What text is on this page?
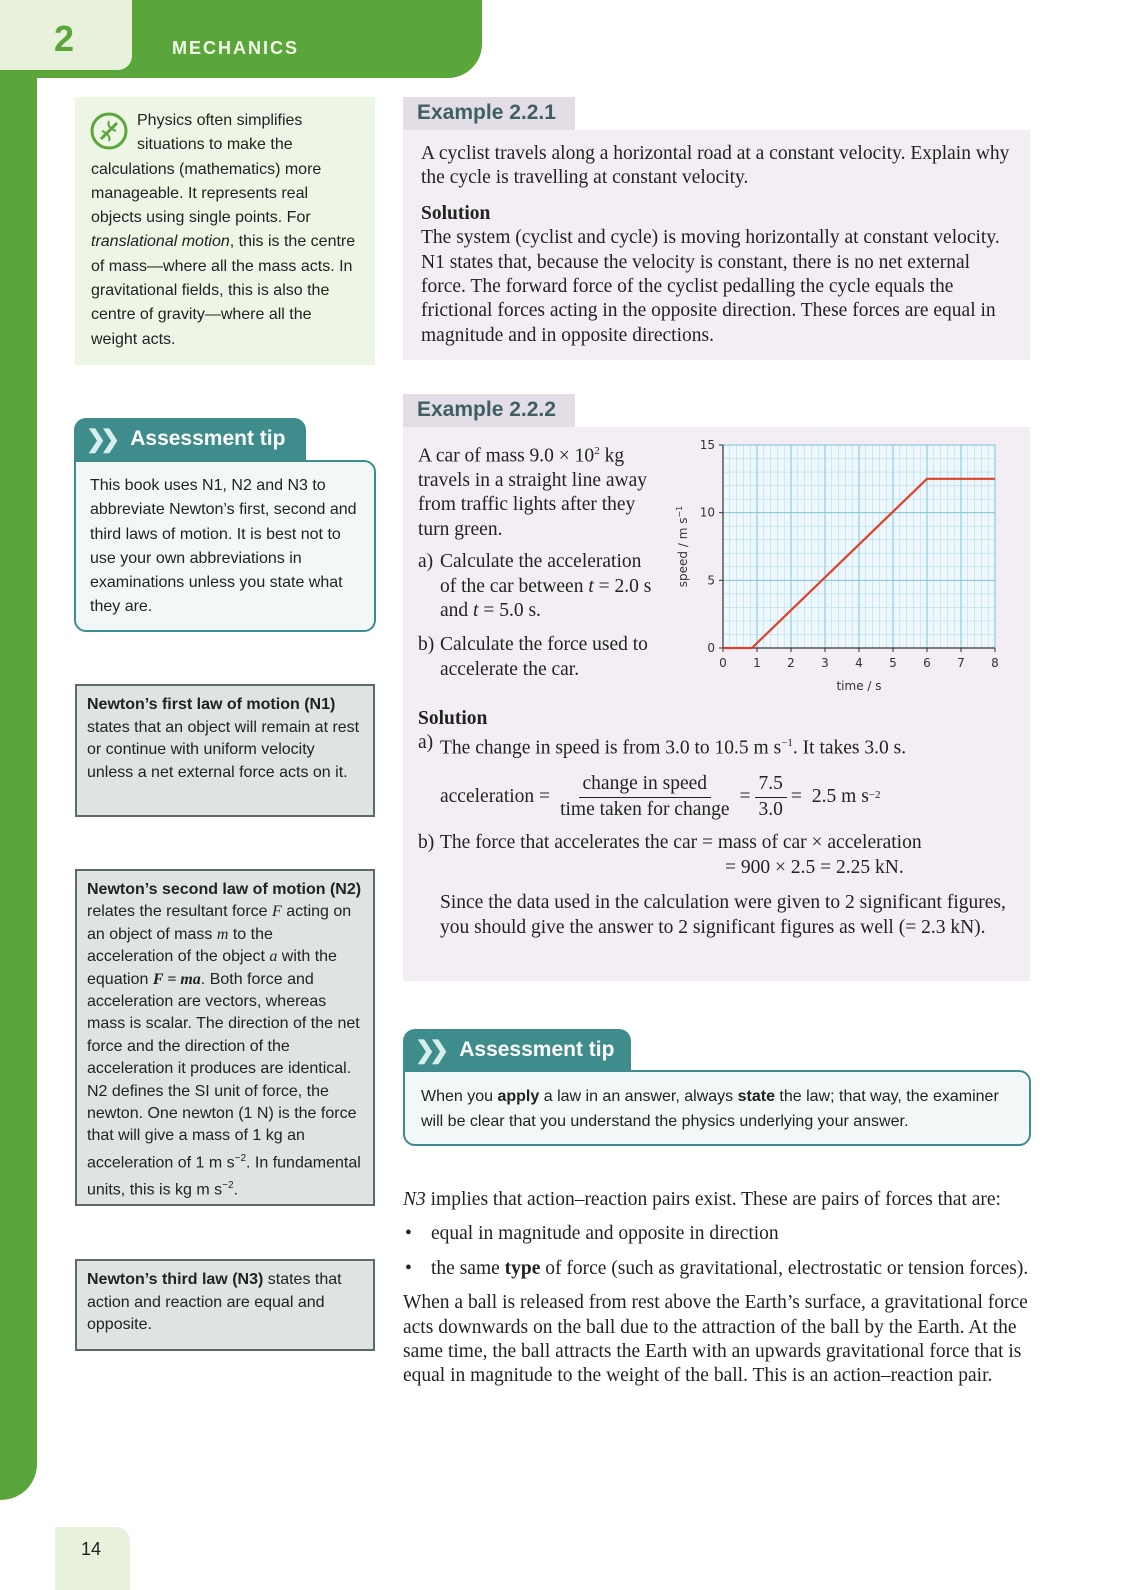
2	MECHANICS
Physics often simplifies situations to make the calculations (mathematics) more manageable. It represents real objects using single points. For translational motion, this is the centre of mass—where all the mass acts. In gravitational fields, this is also the centre of gravity—where all the weight acts.
❯❯ Assessment tip
This book uses N1, N2 and N3 to abbreviate Newton’s first, second and third laws of motion. It is best not to use your own abbreviations in examinations unless you state what they are.
Newton’s first law of motion (N1)
states that an object will remain at rest or continue with uniform velocity unless a net external force acts on it.
Newton’s second law of motion (N2) relates the resultant force F acting on an object of mass m to the acceleration of the object a with the equation F = ma. Both force and acceleration are vectors, whereas mass is scalar. The direction of the net force and the direction of the acceleration it produces are identical. N2 defines the SI unit of force, the newton. One newton (1 N) is the force that will give a mass of 1 kg an acceleration of 1 m $s^{-2}$. In fundamental units, this is kg m $s^{-2}$.
Newton’s third law (N3) states that action and reaction are equal and opposite.
Example 2.2.1

A cyclist travels along a horizontal road at a constant velocity. Explain why the cycle is travelling at constant velocity.

Solution

The system (cyclist and cycle) is moving horizontally at constant velocity. N1 states that, because the velocity is constant, there is no net external force. The forward force of the cyclist pedalling the cycle equals the frictional forces acting in the opposite direction. These forces are equal in magnitude and in opposite directions.

Example 2.2.2

A car of mass $9.0 \times 10^2$ kg travels in a straight line away from traffic lights after they turn green.

a) Calculate the acceleration of the car between t = 2.0 s and t = 5.0 s.
b) Calculate the force used to accelerate the car.

Solution

a) The change in speed is from 3.0 to 10.5 m $s^{-1}$. It takes 3.0 s.
acceleration =
change in speed
time taken for change
= $\frac{7.5}{3.0} = 2.5$ m s −2
b) The force that accelerates the car = mass of car × acceleration
= 900 × 2.5 = 2.25 kN.

Since the data used in the calculation were given to 2 significant figures, you should give the answer to 2 significant figures as well (= 2.3 kN).

0 1 2 3 4 5 6 7 8
0
5
10
15
time / s
speed / m $s^{-1}$
❯❯ Assessment tip
When you apply a law in an answer, always state the law; that way, the examiner will be clear that you understand the physics underlying your answer.

N3 implies that action–reaction pairs exist. These are pairs of forces that are:

• equal in magnitude and opposite in direction
• the same type of force (such as gravitational, electrostatic or tension forces).

When a ball is released from rest above the Earth’s surface, a gravitational force acts downwards on the ball due to the attraction of the ball by the Earth. At the same time, the ball attracts the Earth with an upwards gravitational force that is equal in magnitude to the weight of the ball. This is an action–reaction pair.

14
